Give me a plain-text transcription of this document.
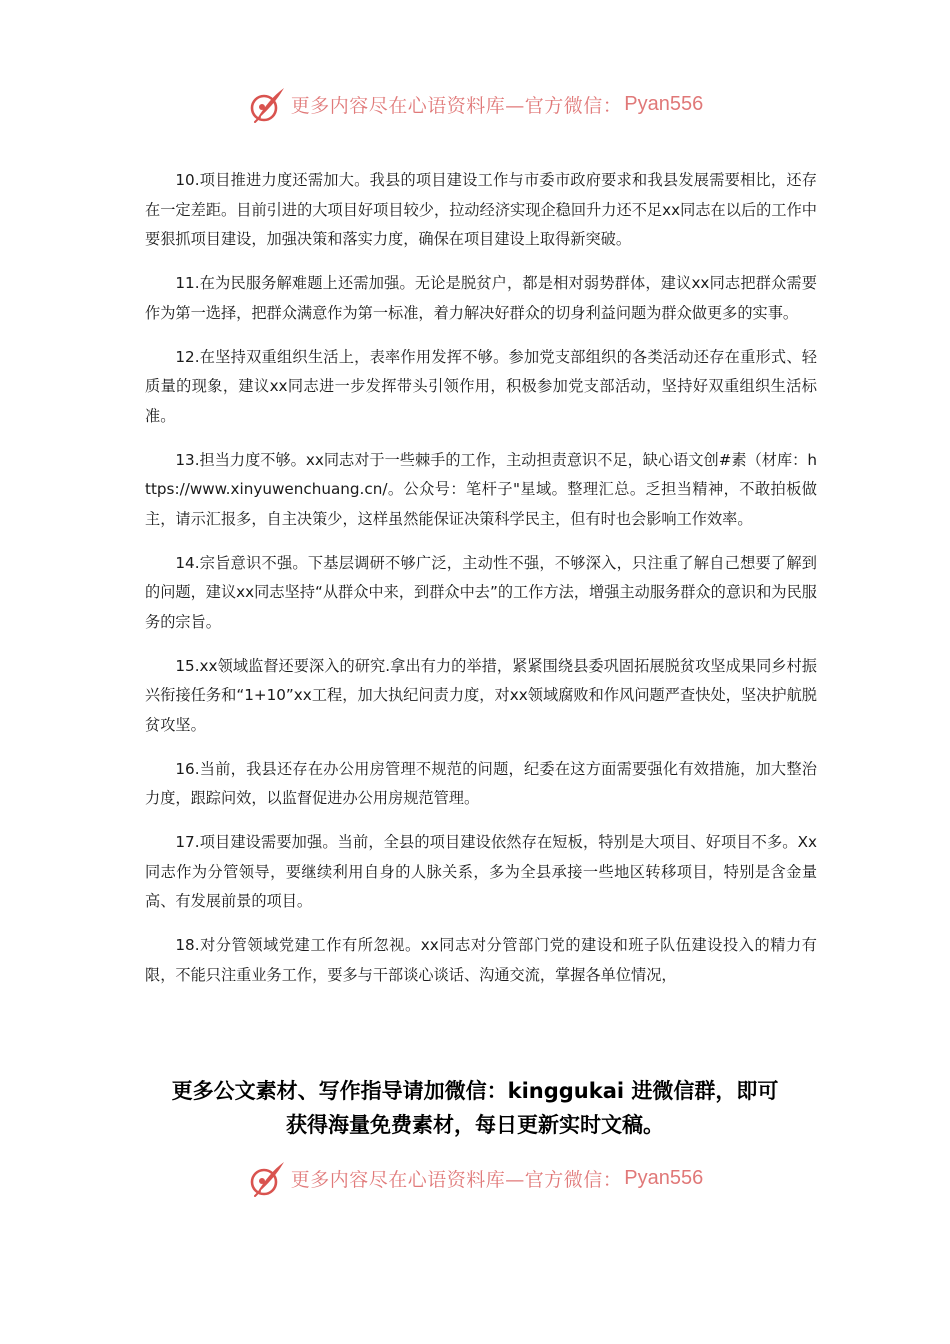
更多内容尽在心语资料库—官方微信： Pyan556

10.项目推进力度还需加大。我县的项目建设工作与市委市政府要求和我县发展需要相比，还存在一定差距。目前引进的大项目好项目较少，拉动经济实现企稳回升力还不足xx同志在以后的工作中要狠抓项目建设，加强决策和落实力度，确保在项目建设上取得新突破。

11.在为民服务解难题上还需加强。无论是脱贫户，都是相对弱势群体，建议xx同志把群众需要作为第一选择，把群众满意作为第一标准，着力解决好群众的切身利益问题为群众做更多的实事。

12.在坚持双重组织生活上，表率作用发挥不够。参加党支部组织的各类活动还存在重形式、轻质量的现象，建议xx同志进一步发挥带头引领作用，积极参加党支部活动，坚持好双重组织生活标准。

13.担当力度不够。xx同志对于一些棘手的工作，主动担责意识不足，缺心语文创#素（材库：https://www.xinyuwenchuang.cn/。公众号：笔杆子"星域。整理汇总。乏担当精神，不敢拍板做主，请示汇报多，自主决策少，这样虽然能保证决策科学民主，但有时也会影响工作效率。

14.宗旨意识不强。下基层调研不够广泛，主动性不强，不够深入，只注重了解自己想要了解到的问题，建议xx同志坚持“从群众中来，到群众中去”的工作方法，增强主动服务群众的意识和为民服务的宗旨。

15.xx领域监督还要深入的研究.拿出有力的举措，紧紧围绕县委巩固拓展脱贫攻坚成果同乡村振兴衔接任务和“1+10”xx工程，加大执纪问责力度，对xx领域腐败和作风问题严查快处，坚决护航脱贫攻坚。

16.当前，我县还存在办公用房管理不规范的问题，纪委在这方面需要强化有效措施，加大整治力度，跟踪问效，以监督促进办公用房规范管理。

17.项目建设需要加强。当前，全县的项目建设依然存在短板，特别是大项目、好项目不多。Xx同志作为分管领导，要继续利用自身的人脉关系，多为全县承接一些地区转移项目，特别是含金量高、有发展前景的项目。

18.对分管领域党建工作有所忽视。xx同志对分管部门党的建设和班子队伍建设投入的精力有限，不能只注重业务工作，要多与干部谈心谈话、沟通交流，掌握各单位情况，

更多公文素材、写作指导请加微信：kinggukai 进微信群，即可
获得海量免费素材，每日更新实时文稿。
更多内容尽在心语资料库—官方微信： Pyan556
